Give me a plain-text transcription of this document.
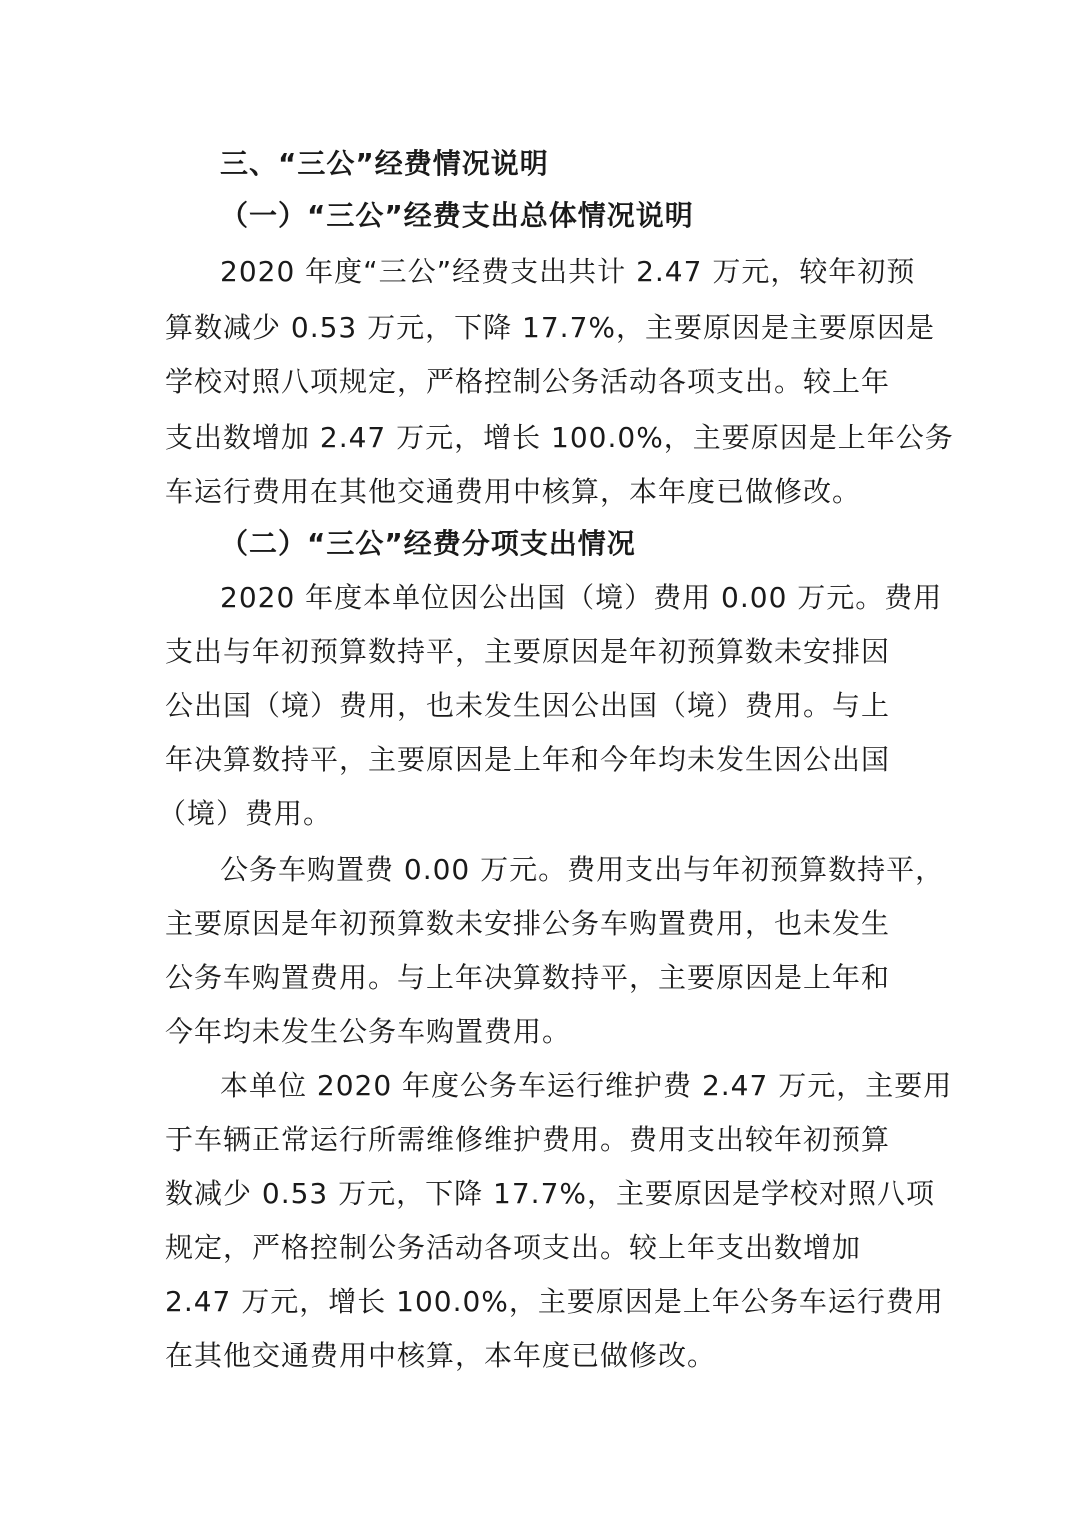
三、“三公”经费情况说明
（一）“三公”经费支出总体情况说明
2020 年度“三公”经费支出共计 2.47 万元，较年初预
算数减少 0.53 万元，下降 17.7%，主要原因是主要原因是
学校对照八项规定，严格控制公务活动各项支出。较上年
支出数增加 2.47 万元，增长 100.0%，主要原因是上年公务
车运行费用在其他交通费用中核算，本年度已做修改。
（二）“三公”经费分项支出情况
2020 年度本单位因公出国（境）费用 0.00 万元。费用
支出与年初预算数持平，主要原因是年初预算数未安排因
公出国（境）费用，也未发生因公出国（境）费用。与上
年决算数持平，主要原因是上年和今年均未发生因公出国
（境）费用。
公务车购置费 0.00 万元。费用支出与年初预算数持平，
主要原因是年初预算数未安排公务车购置费用，也未发生
公务车购置费用。与上年决算数持平，主要原因是上年和
今年均未发生公务车购置费用。
本单位 2020 年度公务车运行维护费 2.47 万元，主要用
于车辆正常运行所需维修维护费用。费用支出较年初预算
数减少 0.53 万元，下降 17.7%，主要原因是学校对照八项
规定，严格控制公务活动各项支出。较上年支出数增加
2.47 万元，增长 100.0%，主要原因是上年公务车运行费用
在其他交通费用中核算，本年度已做修改。
